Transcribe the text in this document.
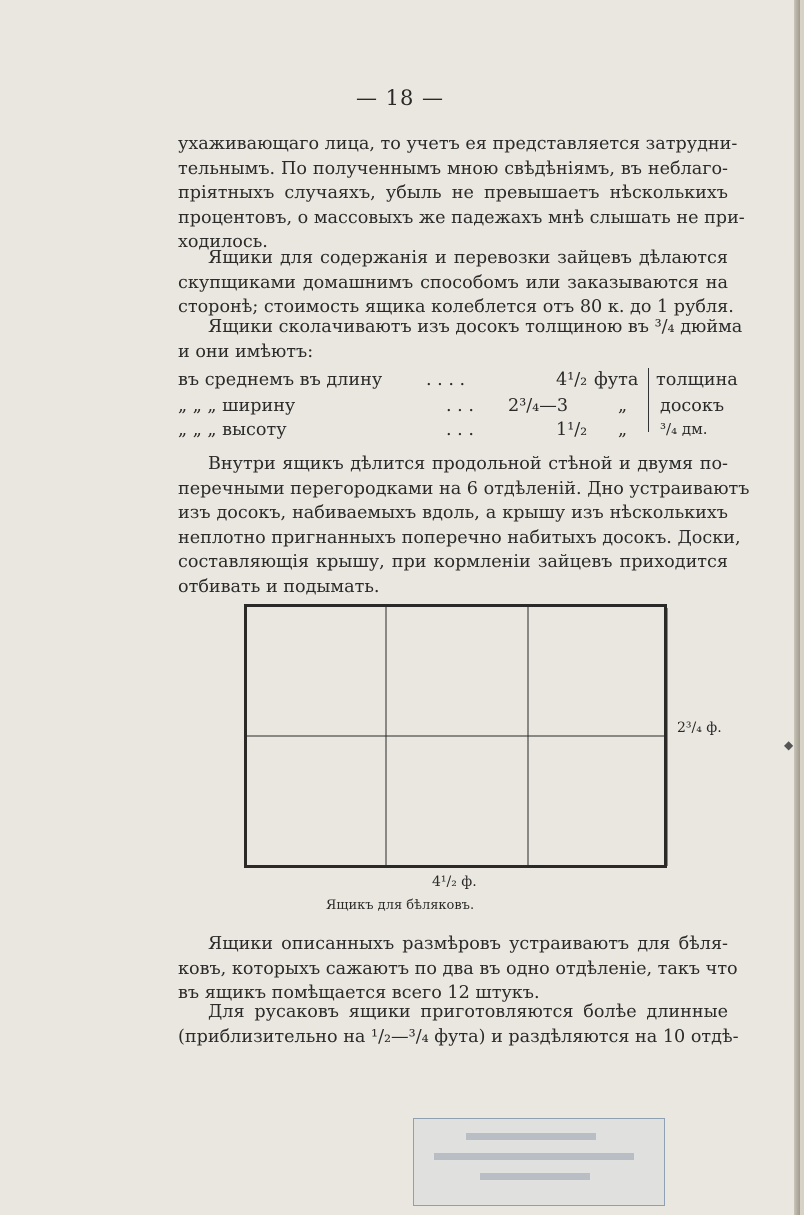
— 18 —
ухаживающаго лица, то учетъ ея представляется затрудни-
тельнымъ. По полученнымъ мною свѣдѣніямъ, въ неблаго-
пріятныхъ случаяхъ, убыль не превышаетъ нѣсколькихъ
процентовъ, о массовыхъ же падежахъ мнѣ слышать не при-
ходилось.
Ящики для содержанія и перевозки зайцевъ дѣлаются
скупщиками домашнимъ способомъ или заказываются на
сторонѣ; стоимость ящика колеблется отъ 80 к. до 1 рубля.
Ящики сколачиваютъ изъ досокъ толщиною въ ³/₄ дюйма
и они имѣютъ:
въ среднемъ въ длину . . . .	4¹/₂ фута
„ „ „ ширину	. . . 2³/₄—3	„
„ „ „ высоту	. . .	1¹/₂ „
толщина
досокъ
³/₄ дм.
Внутри ящикъ дѣлится продольной стѣной и двумя по-
перечными перегородками на 6 отдѣленій. Дно устраиваютъ
изъ досокъ, набиваемыхъ вдоль, а крышу изъ нѣсколькихъ
неплотно пригнанныхъ поперечно набитыхъ досокъ. Доски,
составляющія крышу, при кормленіи зайцевъ приходится
отбивать и подымать.
4¹/₂ ф.
2³/₄ ф.
Ящикъ для бѣляковъ.
Ящики описанныхъ размѣровъ устраиваютъ для бѣля-
ковъ, которыхъ сажаютъ по два въ одно отдѣленіе, такъ что
въ ящикъ помѣщается всего 12 штукъ.
Для русаковъ ящики приготовляются болѣе длинные
(приблизительно на ¹/₂—³/₄ фута) и раздѣляются на 10 отдѣ-
◆
